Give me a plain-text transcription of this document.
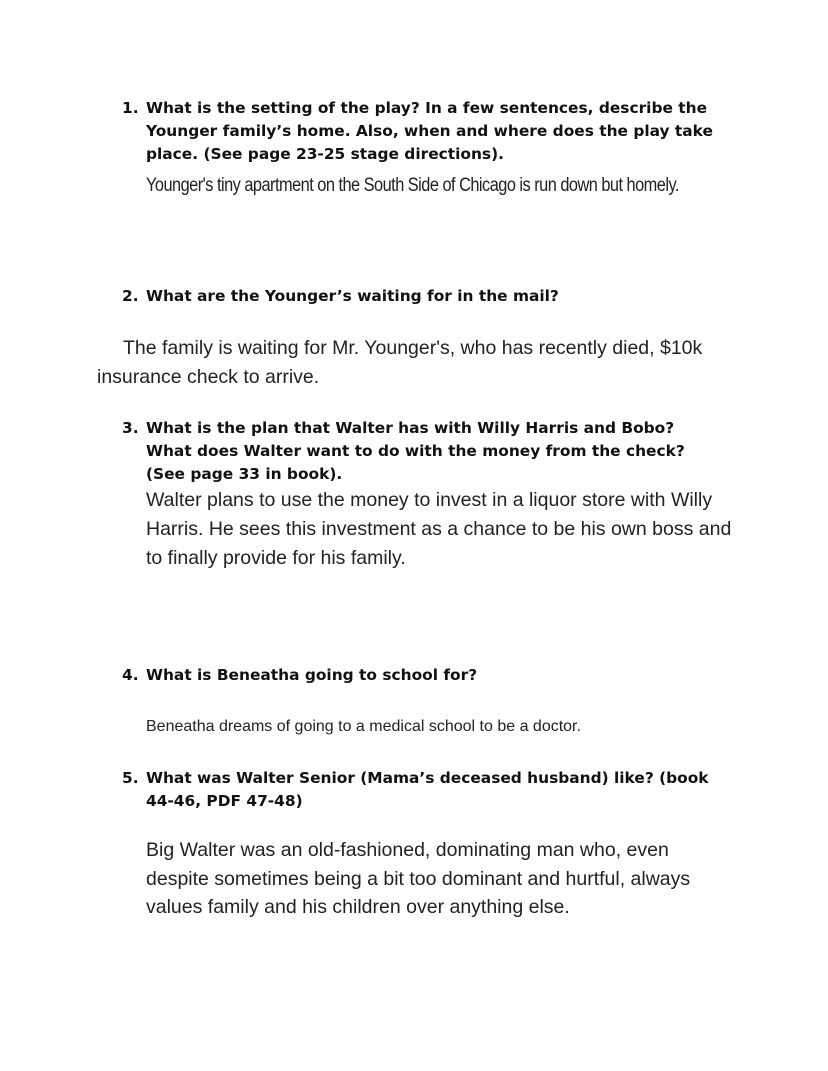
1. What is the setting of the play? In a few sentences, describe the Younger family’s home. Also, when and where does the play take place. (See page 23-25 stage directions).
Younger's tiny apartment on the South Side of Chicago is run down but homely.
2. What are the Younger’s waiting for in the mail?
The family is waiting for Mr. Younger's, who has recently died, $10k insurance check to arrive.
3. What is the plan that Walter has with Willy Harris and Bobo? What does Walter want to do with the money from the check? (See page 33 in book).
Walter plans to use the money to invest in a liquor store with Willy Harris. He sees this investment as a chance to be his own boss and to finally provide for his family.
4. What is Beneatha going to school for?
Beneatha dreams of going to a medical school to be a doctor.
5. What was Walter Senior (Mama’s deceased husband) like? (book 44-46, PDF 47-48)
Big Walter was an old-fashioned, dominating man who, even despite sometimes being a bit too dominant and hurtful, always values family and his children over anything else.
